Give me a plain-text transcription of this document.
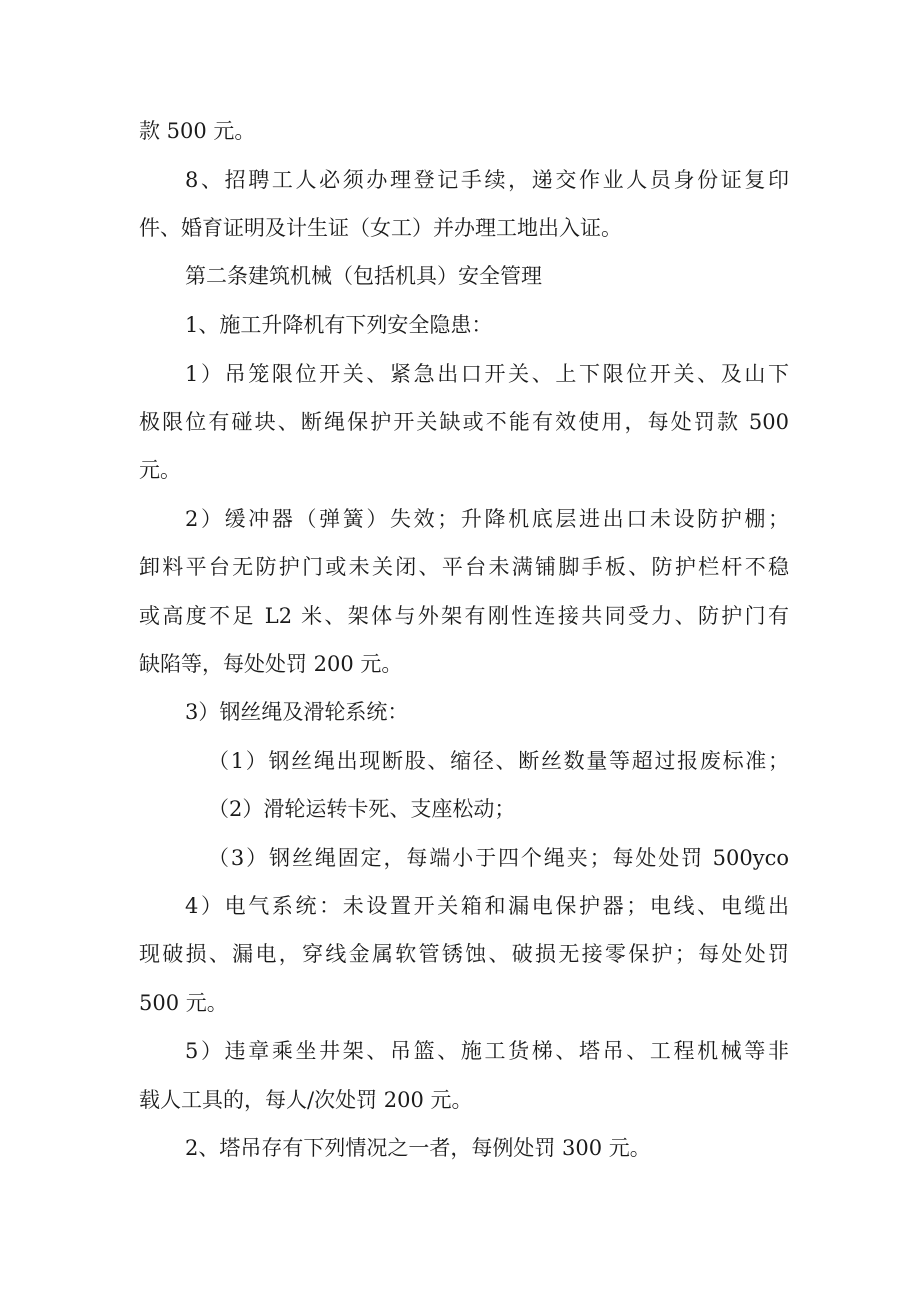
款 500 元。
8、招聘工人必须办理登记手续，递交作业人员身份证复印
件、婚育证明及计生证（女工）并办理工地出入证。
第二条建筑机械（包括机具）安全管理
1、施工升降机有下列安全隐患：
1）吊笼限位开关、紧急出口开关、上下限位开关、及山下
极限位有碰块、断绳保护开关缺或不能有效使用，每处罚款 500
元。
2）缓冲器（弹簧）失效；升降机底层进出口未设防护棚；
卸料平台无防护门或未关闭、平台未满铺脚手板、防护栏杆不稳
或高度不足 L2 米、架体与外架有刚性连接共同受力、防护门有
缺陷等，每处处罚 200 元。
3）钢丝绳及滑轮系统：
（1）钢丝绳出现断股、缩径、断丝数量等超过报废标准；
（2）滑轮运转卡死、支座松动；
（3）钢丝绳固定，每端小于四个绳夹；每处处罚 500yco
4）电气系统：未设置开关箱和漏电保护器；电线、电缆出
现破损、漏电，穿线金属软管锈蚀、破损无接零保护；每处处罚
500 元。
5）违章乘坐井架、吊篮、施工货梯、塔吊、工程机械等非
载人工具的，每人/次处罚 200 元。
2、塔吊存有下列情况之一者，每例处罚 300 元。
